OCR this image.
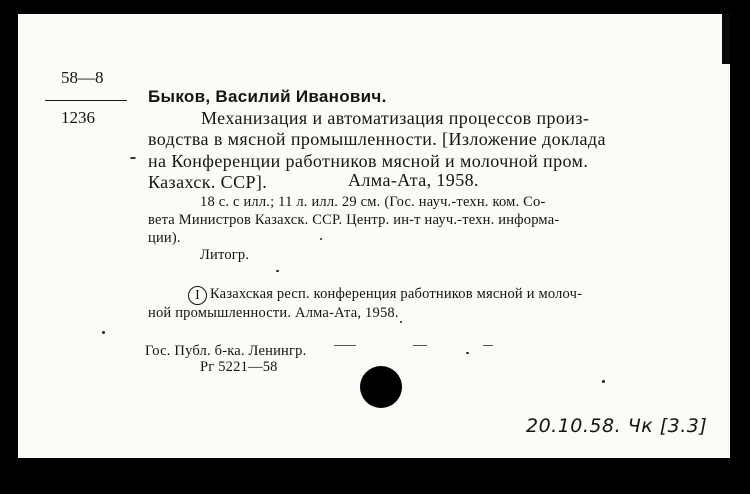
58—8
1236
Быков, Василий Иванович.
Механизация и автоматизация процессов произ-
водства в мясной промышленности. [Изложение доклада
на Конференции работников мясной и молочной пром.
Казахск. ССР].	Алма-Ата, 1958.
18 с. с илл.; 11 л. илл. 29 см. (Гос. науч.-техн. ком. Со-
вета Министров Казахск. ССР. Центр. ин-т науч.-техн. информа-
ции).
Литогр.
I Казахская респ. конференция работников мясной и молоч-
ной промышленности. Алма-Ата, 1958.
Гос. Публ. б-ка. Ленингр.
Рг 5221—58
20.10.58. Чк [3.3]
